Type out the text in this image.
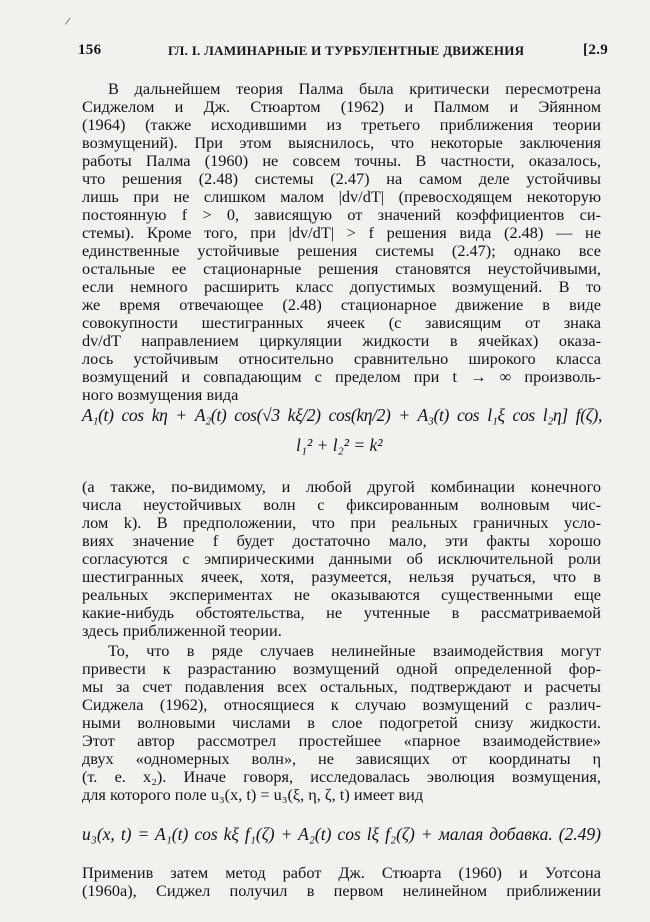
/
156	ГЛ. I. ЛАМИНАРНЫЕ И ТУРБУЛЕНТНЫЕ ДВИЖЕНИЯ	[2.9
В дальнейшем теория Палма была критически пересмотрена
Сиджелом и Дж. Стюартом (1962) и Палмом и Эйянном
(1964) (также исходившими из третьего приближения теории
возмущений). При этом выяснилось, что некоторые заключения
работы Палма (1960) не совсем точны. В частности, оказалось,
что решения (2.48) системы (2.47) на самом деле устойчивы
лишь при не слишком малом |dv/dT| (превосходящем некоторую
постоянную f > 0, зависящую от значений коэффициентов си-
стемы). Кроме того, при |dv/dT| > f решения вида (2.48) — не
единственные устойчивые решения системы (2.47); однако все
остальные ее стационарные решения становятся неустойчивыми,
если немного расширить класс допустимых возмущений. В то
же время отвечающее (2.48) стационарное движение в виде
совокупности шестигранных ячеек (с зависящим от знака
dv/dT направлением циркуляции жидкости в ячейках) оказа-
лось устойчивым относительно сравнительно широкого класса
возмущений и совпадающим с пределом при t → ∞ произволь-
ного возмущения вида
A₁(t) cos kη + A₂(t) cos(√3 kξ/2) cos(kη/2) + A₃(t) cos l₁ξ cos l₂η] f(ζ),
l₁² + l₂² = k²
(а также, по-видимому, и любой другой комбинации конечного
числа неустойчивых волн с фиксированным волновым чис-
лом k). В предположении, что при реальных граничных усло-
виях значение f будет достаточно мало, эти факты хорошо
согласуются с эмпирическими данными об исключительной роли
шестигранных ячеек, хотя, разумеется, нельзя ручаться, что в
реальных экспериментах не оказываются существенными еще
какие-нибудь обстоятельства, не учтенные в рассматриваемой
здесь приближенной теории.
То, что в ряде случаев нелинейные взаимодействия могут
привести к разрастанию возмущений одной определенной фор-
мы за счет подавления всех остальных, подтверждают и расчеты
Сиджела (1962), относящиеся к случаю возмущений с различ-
ными волновыми числами в слое подогретой снизу жидкости.
Этот автор рассмотрел простейшее «парное взаимодействие»
двух «одномерных волн», не зависящих от координаты η
(т. е. x₂). Иначе говоря, исследовалась эволюция возмущения,
для которого поле u₃(x, t) = u₃(ξ, η, ζ, t) имеет вид
u₃(x, t) = A₁(t) cos kξ f₁(ζ) + A₂(t) cos lξ f₂(ζ) + малая добавка. (2.49)
Применив затем метод работ Дж. Стюарта (1960) и Уотсона
(1960а), Сиджел получил в первом нелинейном приближении
